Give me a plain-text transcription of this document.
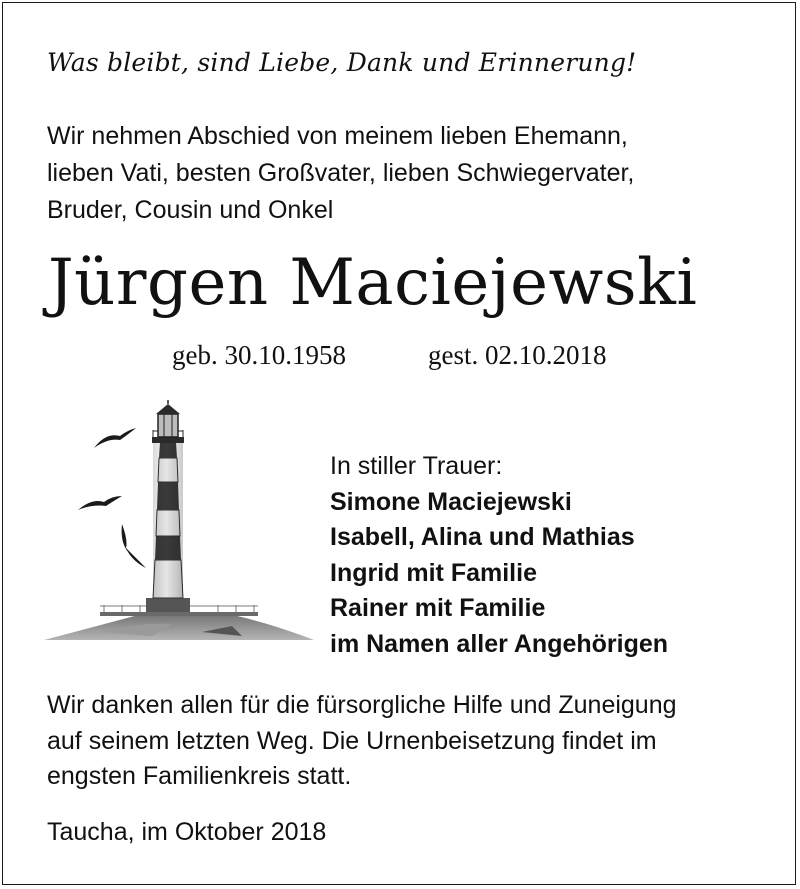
Was bleibt, sind Liebe, Dank und Erinnerung!
Wir nehmen Abschied von meinem lieben Ehemann,
lieben Vati, besten Großvater, lieben Schwiegervater,
Bruder, Cousin und Onkel
Jürgen Maciejewski
geb. 30.10.1958	gest. 02.10.2018
In stiller Trauer:
Simone Maciejewski
Isabell, Alina und Mathias
Ingrid mit Familie
Rainer mit Familie
im Namen aller Angehörigen
Wir danken allen für die fürsorgliche Hilfe und Zuneigung
auf seinem letzten Weg. Die Urnenbeisetzung findet im
engsten Familienkreis statt.
Taucha, im Oktober 2018
